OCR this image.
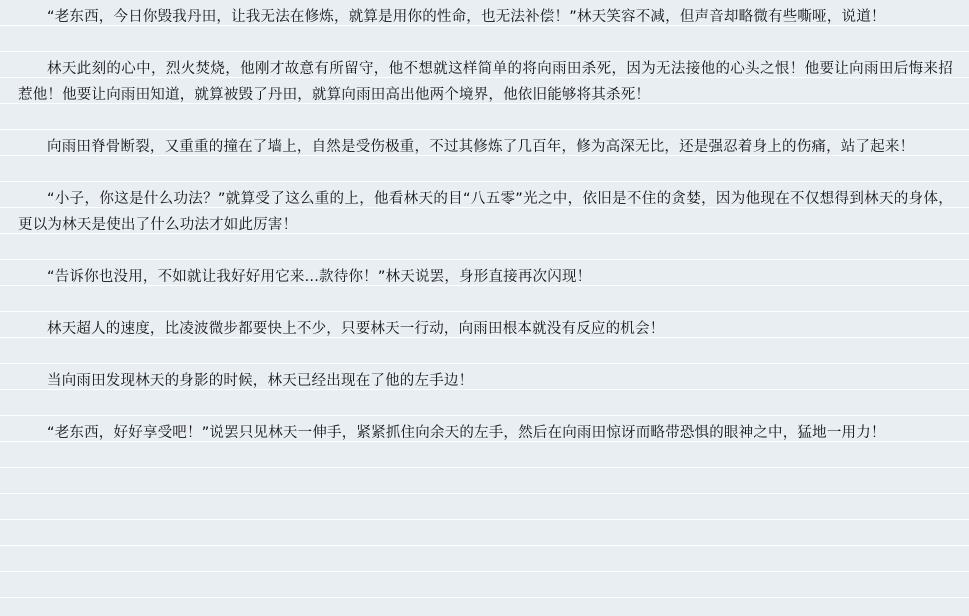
“老东西，今日你毁我丹田，让我无法在修炼，就算是用你的性命，也无法补偿！”林天笑容不减，但声音却略微有些嘶哑，说道！

林天此刻的心中，烈火焚烧，他刚才故意有所留守，他不想就这样简单的将向雨田杀死，因为无法接他的心头之恨！他要让向雨田后悔来招惹他！他要让向雨田知道，就算被毁了丹田，就算向雨田高出他两个境界，他依旧能够将其杀死！

向雨田脊骨断裂，又重重的撞在了墙上，自然是受伤极重，不过其修炼了几百年，修为高深无比，还是强忍着身上的伤痛，站了起来！

“小子，你这是什么功法？”就算受了这么重的上，他看林天的目“八五零”光之中，依旧是不住的贪婪，因为他现在不仅想得到林天的身体，更以为林天是使出了什么功法才如此厉害！

“告诉你也没用，不如就让我好好用它来...款待你！”林天说罢，身形直接再次闪现！

林天超人的速度，比凌波微步都要快上不少，只要林天一行动，向雨田根本就没有反应的机会！

当向雨田发现林天的身影的时候，林天已经出现在了他的左手边！

“老东西，好好享受吧！”说罢只见林天一伸手，紧紧抓住向余天的左手，然后在向雨田惊讶而略带恐惧的眼神之中，猛地一用力！
